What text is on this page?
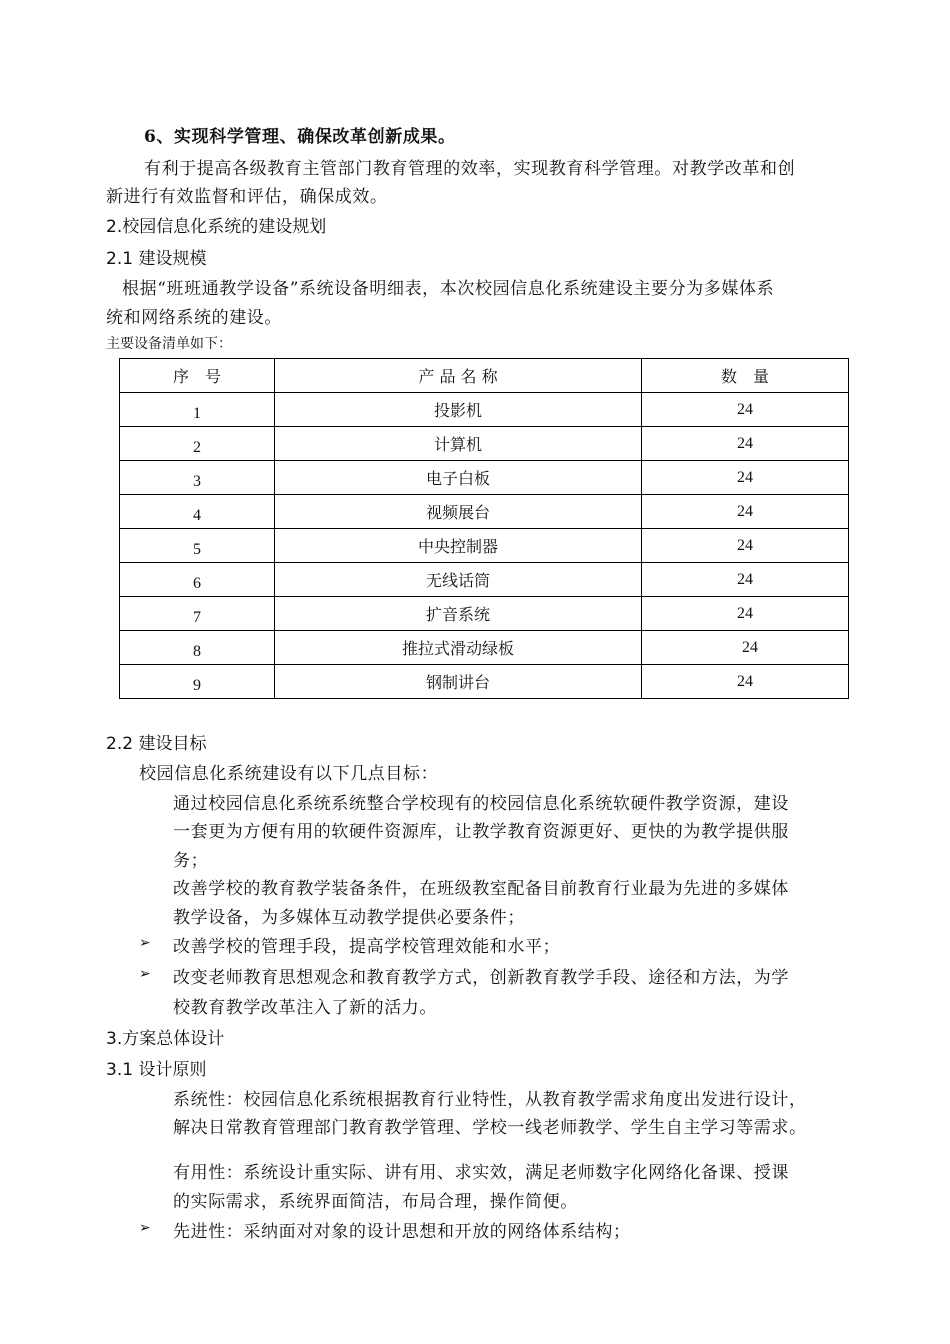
6、实现科学管理、确保改革创新成果。
有利于提高各级教育主管部门教育管理的效率，实现教育科学管理。对教学改革和创
新进行有效监督和评估，确保成效。
2.校园信息化系统的建设规划
2.1 建设规模
根据“班班通教学设备”系统设备明细表，本次校园信息化系统建设主要分为多媒体系
统和网络系统的建设。
主要设备清单如下：
序　号	产 品 名 称	数　量
1	投影机	24
2	计算机	24
3	电子白板	24
4	视频展台	24
5	中央控制器	24
6	无线话筒	24
7	扩音系统	24
8	推拉式滑动绿板	24
9	钢制讲台	24
2.2 建设目标
校园信息化系统建设有以下几点目标：
通过校园信息化系统系统整合学校现有的校园信息化系统软硬件教学资源，建设
一套更为方便有用的软硬件资源库，让教学教育资源更好、更快的为教学提供服
务；
改善学校的教育教学装备条件，在班级教室配备目前教育行业最为先进的多媒体
教学设备，为多媒体互动教学提供必要条件；
➢ 改善学校的管理手段，提高学校管理效能和水平；
➢ 改变老师教育思想观念和教育教学方式，创新教育教学手段、途径和方法，为学
校教育教学改革注入了新的活力。
3.方案总体设计
3.1 设计原则
系统性：校园信息化系统根据教育行业特性，从教育教学需求角度出发进行设计，
解决日常教育管理部门教育教学管理、学校一线老师教学、学生自主学习等需求。
有用性：系统设计重实际、讲有用、求实效，满足老师数字化网络化备课、授课
的实际需求，系统界面简洁，布局合理，操作简便。
➢ 先进性：采纳面对对象的设计思想和开放的网络体系结构；
